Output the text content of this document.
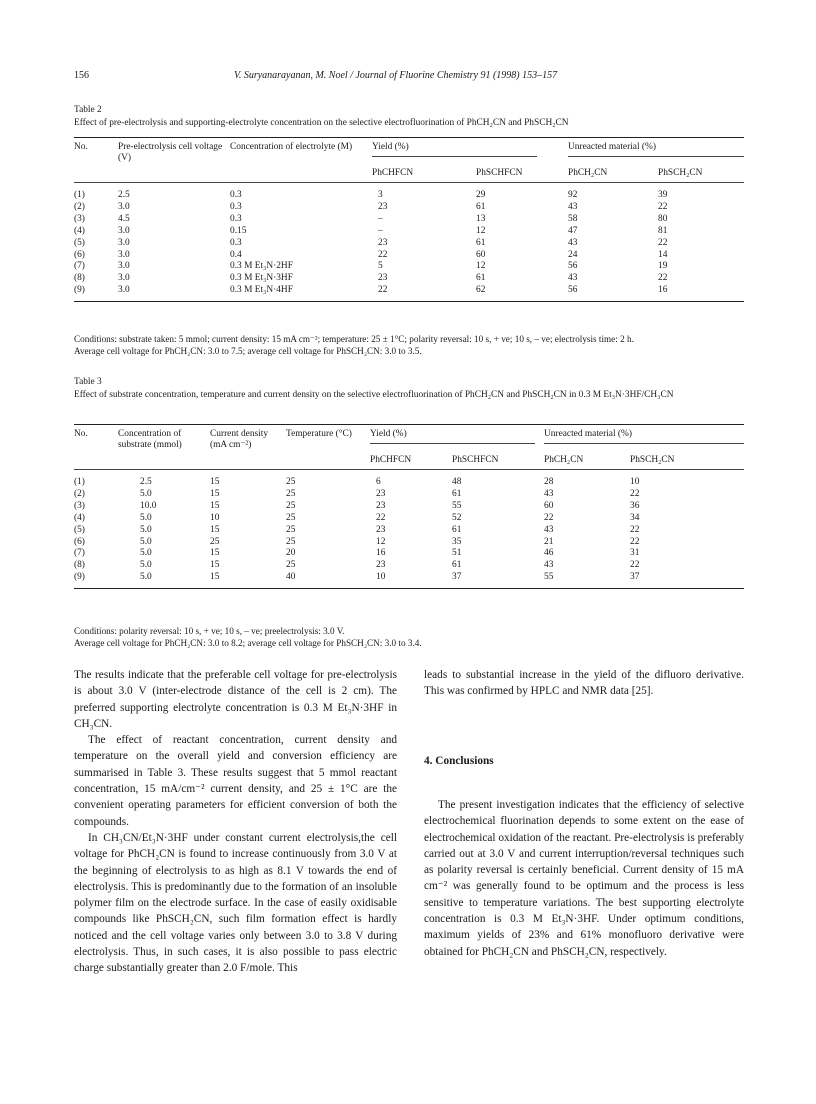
156	V. Suryanarayanan, M. Noel / Journal of Fluorine Chemistry 91 (1998) 153–157
Table 2
Effect of pre-electrolysis and supporting-electrolyte concentration on the selective electrofluorination of PhCH₂CN and PhSCH₂CN
No.	Pre-electrolysis cell voltage (V)	Concentration of electrolyte (M)	Yield (%)		Unreacted material (%)	

			PhCHFCN	PhSCHFCN	PhCH₂CN	PhSCH₂CN
(1)	2.5	0.3	3	29	92	39
(2)	3.0	0.3	23	61	43	22
(3)	4.5	0.3	–	13	58	80
(4)	3.0	0.15	–	12	47	81
(5)	3.0	0.3	23	61	43	22
(6)	3.0	0.4	22	60	24	14
(7)	3.0	0.3 M Et₃N·2HF	5	12	56	19
(8)	3.0	0.3 M Et₃N·3HF	23	61	43	22
(9)	3.0	0.3 M Et₃N·4HF	22	62	56	16
Conditions: substrate taken: 5 mmol; current density: 15 mA cm⁻²; temperature: 25 ± 1°C; polarity reversal: 10 s, + ve; 10 s, – ve; electrolysis time: 2 h.
Average cell voltage for PhCH₂CN: 3.0 to 7.5; average cell voltage for PhSCH₂CN: 3.0 to 3.5.
Table 3
Effect of substrate concentration, temperature and current density on the selective electrofluorination of PhCH₂CN and PhSCH₂CN in 0.3 M Et₃N·3HF/CH₃CN
No.	Concentration of substrate (mmol)	Current density (mA cm⁻²)	Temperature (°C)	Yield (%)		Unreacted material (%)	

				PhCHFCN	PhSCHFCN	PhCH₂CN	PhSCH₂CN
(1)	2.5	15	25	6	48	28	10
(2)	5.0	15	25	23	61	43	22
(3)	10.0	15	25	23	55	60	36
(4)	5.0	10	25	22	52	22	34
(5)	5.0	15	25	23	61	43	22
(6)	5.0	25	25	12	35	21	22
(7)	5.0	15	20	16	51	46	31
(8)	5.0	15	25	23	61	43	22
(9)	5.0	15	40	10	37	55	37
Conditions: polarity reversal: 10 s, + ve; 10 s, – ve; preelectrolysis: 3.0 V.
Average cell voltage for PhCH₂CN: 3.0 to 8.2; average cell voltage for PhSCH₂CN: 3.0 to 3.4.

The results indicate that the preferable cell voltage for pre-electrolysis is about 3.0 V (inter-electrode distance of the cell is 2 cm). The preferred supporting electrolyte concentration is 0.3 M Et₃N·3HF in CH₃CN.

The effect of reactant concentration, current density and temperature on the overall yield and conversion efficiency are summarised in Table 3. These results suggest that 5 mmol reactant concentration, 15 mA/cm⁻² current density, and 25 ± 1°C are the convenient operating parameters for efficient conversion of both the compounds.

In CH₃CN/Et₃N·3HF under constant current electrolysis,the cell voltage for PhCH₂CN is found to increase continuously from 3.0 V at the beginning of electrolysis to as high as 8.1 V towards the end of electrolysis. This is predominantly due to the formation of an insoluble polymer film on the electrode surface. In the case of easily oxidisable compounds like PhSCH₂CN, such film formation effect is hardly noticed and the cell voltage varies only between 3.0 to 3.8 V during electrolysis. Thus, in such cases, it is also possible to pass electric charge substantially greater than 2.0 F/mole. This

leads to substantial increase in the yield of the difluoro derivative. This was confirmed by HPLC and NMR data [25].

4. Conclusions

The present investigation indicates that the efficiency of selective electrochemical fluorination depends to some extent on the ease of electrochemical oxidation of the reactant. Pre-electrolysis is preferably carried out at 3.0 V and current interruption/reversal techniques such as polarity reversal is certainly beneficial. Current density of 15 mA cm⁻² was generally found to be optimum and the process is less sensitive to temperature variations. The best supporting electrolyte concentration is 0.3 M Et₃N·3HF. Under optimum conditions, maximum yields of 23% and 61% monofluoro derivative were obtained for PhCH₂CN and PhSCH₂CN, respectively.
